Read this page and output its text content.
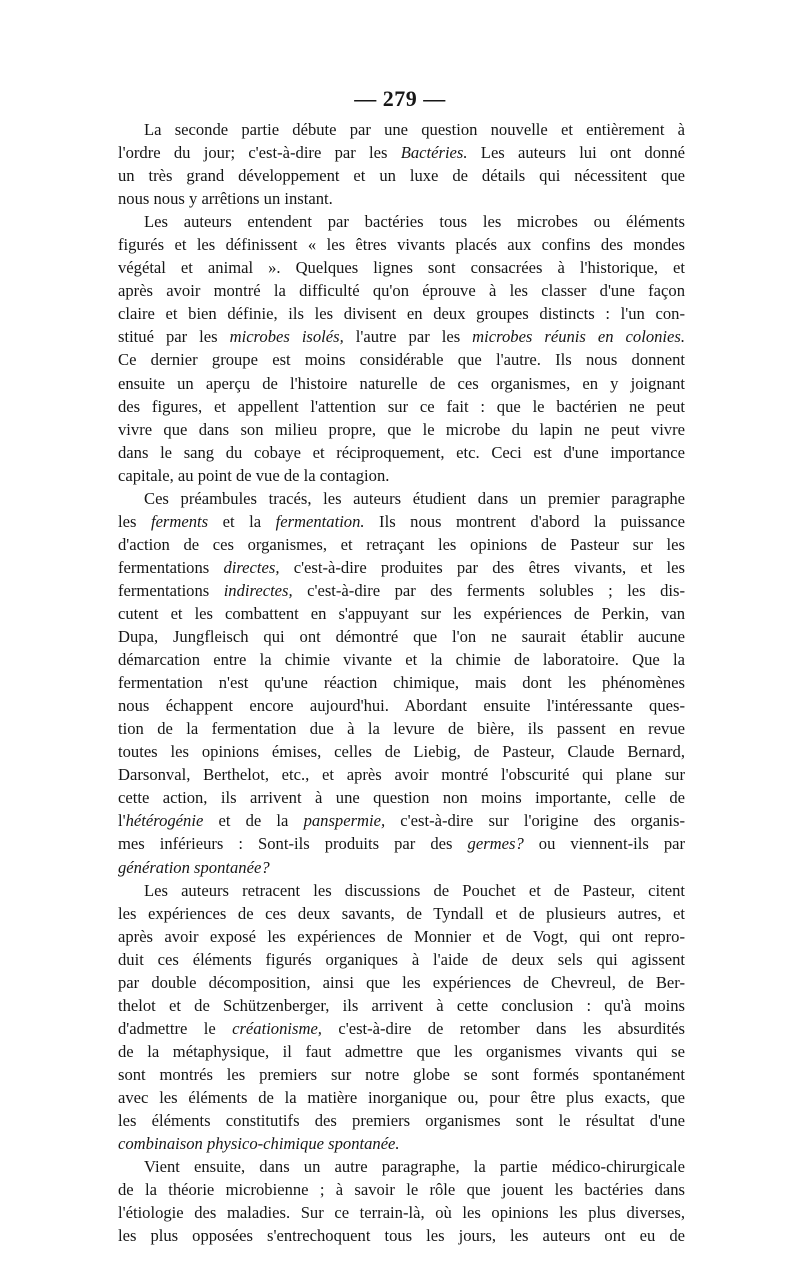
— 279 —
La seconde partie débute par une question nouvelle et entièrement à
l'ordre du jour; c'est-à-dire par les Bactéries. Les auteurs lui ont donné
un très grand développement et un luxe de détails qui nécessitent que
nous nous y arrêtions un instant.
Les auteurs entendent par bactéries tous les microbes ou éléments
figurés et les définissent « les êtres vivants placés aux confins des mondes
végétal et animal ». Quelques lignes sont consacrées à l'historique, et
après avoir montré la difficulté qu'on éprouve à les classer d'une façon
claire et bien définie, ils les divisent en deux groupes distincts : l'un con-
stitué par les microbes isolés, l'autre par les microbes réunis en colonies.
Ce dernier groupe est moins considérable que l'autre. Ils nous donnent
ensuite un aperçu de l'histoire naturelle de ces organismes, en y joignant
des figures, et appellent l'attention sur ce fait : que le bactérien ne peut
vivre que dans son milieu propre, que le microbe du lapin ne peut vivre
dans le sang du cobaye et réciproquement, etc. Ceci est d'une importance
capitale, au point de vue de la contagion.
Ces préambules tracés, les auteurs étudient dans un premier paragraphe
les ferments et la fermentation. Ils nous montrent d'abord la puissance
d'action de ces organismes, et retraçant les opinions de Pasteur sur les
fermentations directes, c'est-à-dire produites par des êtres vivants, et les
fermentations indirectes, c'est-à-dire par des ferments solubles ; les dis-
cutent et les combattent en s'appuyant sur les expériences de Perkin, van
Dupa, Jungfleisch qui ont démontré que l'on ne saurait établir aucune
démarcation entre la chimie vivante et la chimie de laboratoire. Que la
fermentation n'est qu'une réaction chimique, mais dont les phénomènes
nous échappent encore aujourd'hui. Abordant ensuite l'intéressante ques-
tion de la fermentation due à la levure de bière, ils passent en revue
toutes les opinions émises, celles de Liebig, de Pasteur, Claude Bernard,
Darsonval, Berthelot, etc., et après avoir montré l'obscurité qui plane sur
cette action, ils arrivent à une question non moins importante, celle de
l'hétérogénie et de la panspermie, c'est-à-dire sur l'origine des organis-
mes inférieurs : Sont-ils produits par des germes? ou viennent-ils par
génération spontanée?
Les auteurs retracent les discussions de Pouchet et de Pasteur, citent
les expériences de ces deux savants, de Tyndall et de plusieurs autres, et
après avoir exposé les expériences de Monnier et de Vogt, qui ont repro-
duit ces éléments figurés organiques à l'aide de deux sels qui agissent
par double décomposition, ainsi que les expériences de Chevreul, de Ber-
thelot et de Schützenberger, ils arrivent à cette conclusion : qu'à moins
d'admettre le créationisme, c'est-à-dire de retomber dans les absurdités
de la métaphysique, il faut admettre que les organismes vivants qui se
sont montrés les premiers sur notre globe se sont formés spontanément
avec les éléments de la matière inorganique ou, pour être plus exacts, que
les éléments constitutifs des premiers organismes sont le résultat d'une
combinaison physico-chimique spontanée.
Vient ensuite, dans un autre paragraphe, la partie médico-chirurgicale
de la théorie microbienne ; à savoir le rôle que jouent les bactéries dans
l'étiologie des maladies. Sur ce terrain-là, où les opinions les plus diverses,
les plus opposées s'entrechoquent tous les jours, les auteurs ont eu de
